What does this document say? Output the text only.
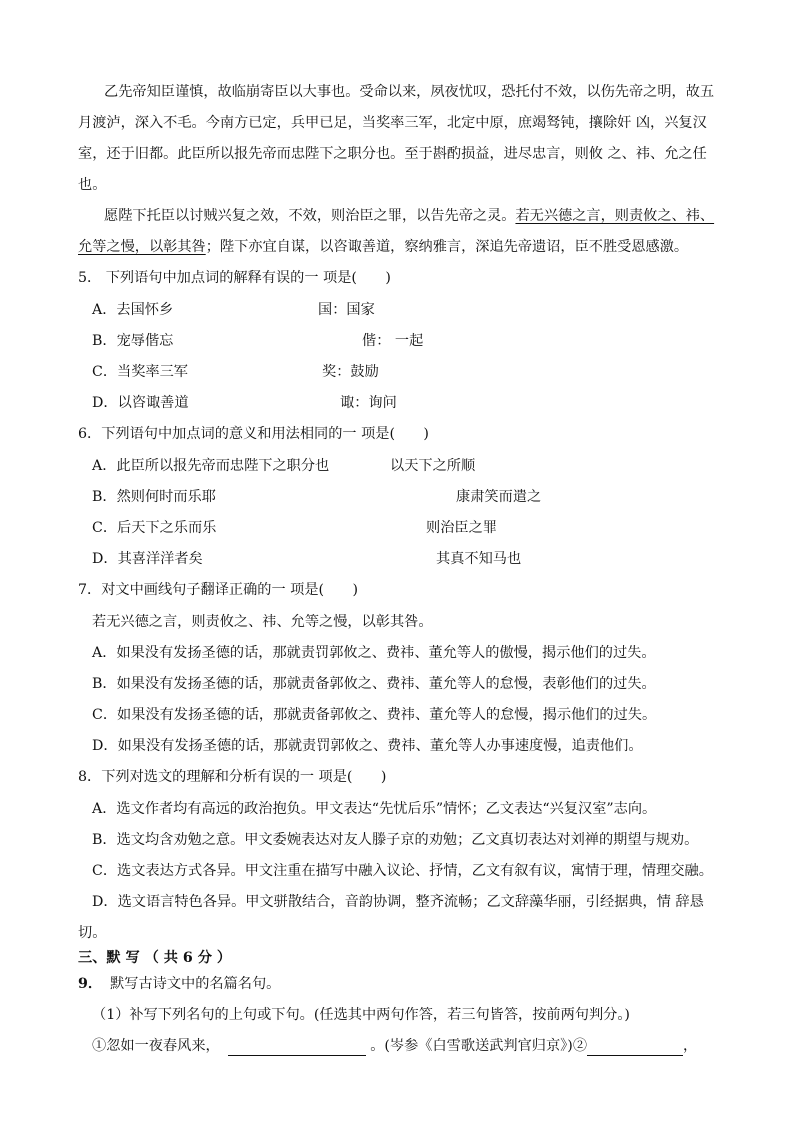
乙先帝知臣谨慎，故临崩寄臣以大事也。受命以来，夙夜忧叹，恐托付不效，以伤先帝之明，故五
月渡泸，深入不毛。今南方已定，兵甲已足，当奖率三军，北定中原，庶竭驽钝，攘除奸 凶，兴复汉
室，还于旧都。此臣所以报先帝而忠陛下之职分也。至于斟酌损益，进尽忠言，则攸 之、祎、允之任
也。
愿陛下托臣以讨贼兴复之效，不效，则治臣之罪，以告先帝之灵。若无兴德之言，则责攸之、祎、
允等之慢，以彰其咎；陛下亦宜自谋，以咨诹善道，察纳雅言，深追先帝遗诏，臣不胜受恩感激。
5． 下列语句中加点词的解释有误的一 项是(　　)
A．去国怀乡	国：国家
B．宠辱偕忘	偕： 一起
C．当奖率三军	奖：鼓励
D．以咨诹善道	诹：询问
6．下列语句中加点词的意义和用法相同的一 项是(　　)
A．此臣所以报先帝而忠陛下之职分也	以天下之所顺
B．然则何时而乐耶	康肃笑而遣之
C．后天下之乐而乐	则治臣之罪
D．其喜洋洋者矣	其真不知马也
7．对文中画线句子翻译正确的一 项是(　　)
若无兴德之言，则责攸之、祎、允等之慢，以彰其咎。
A．如果没有发扬圣德的话，那就责罚郭攸之、费祎、董允等人的傲慢，揭示他们的过失。
B．如果没有发扬圣德的话，那就责备郭攸之、费祎、董允等人的怠慢，表彰他们的过失。
C．如果没有发扬圣德的话，那就责备郭攸之、费祎、董允等人的怠慢，揭示他们的过失。
D．如果没有发扬圣德的话，那就责罚郭攸之、费祎、董允等人办事速度慢，追责他们。
8．下列对选文的理解和分析有误的一 项是(　　)
A．选文作者均有高远的政治抱负。甲文表达“先忧后乐”情怀；乙文表达“兴复汉室”志向。
B．选文均含劝勉之意。甲文委婉表达对友人滕子京的劝勉；乙文真切表达对刘禅的期望与规劝。
C．选文表达方式各异。甲文注重在描写中融入议论、抒情，乙文有叙有议，寓情于理，情理交融。
D．选文语言特色各异。甲文骈散结合，音韵协调，整齐流畅；乙文辞藻华丽，引经据典，情 辞恳
切。
三、默 写 （ 共 6 分 ）
9． 默写古诗文中的名篇名句。
（1）补写下列名句的上句或下句。(任选其中两句作答，若三句皆答，按前两句判分。)
①忽如一夜春风来，	。(岑参《白雪歌送武判官归京》)②	，
